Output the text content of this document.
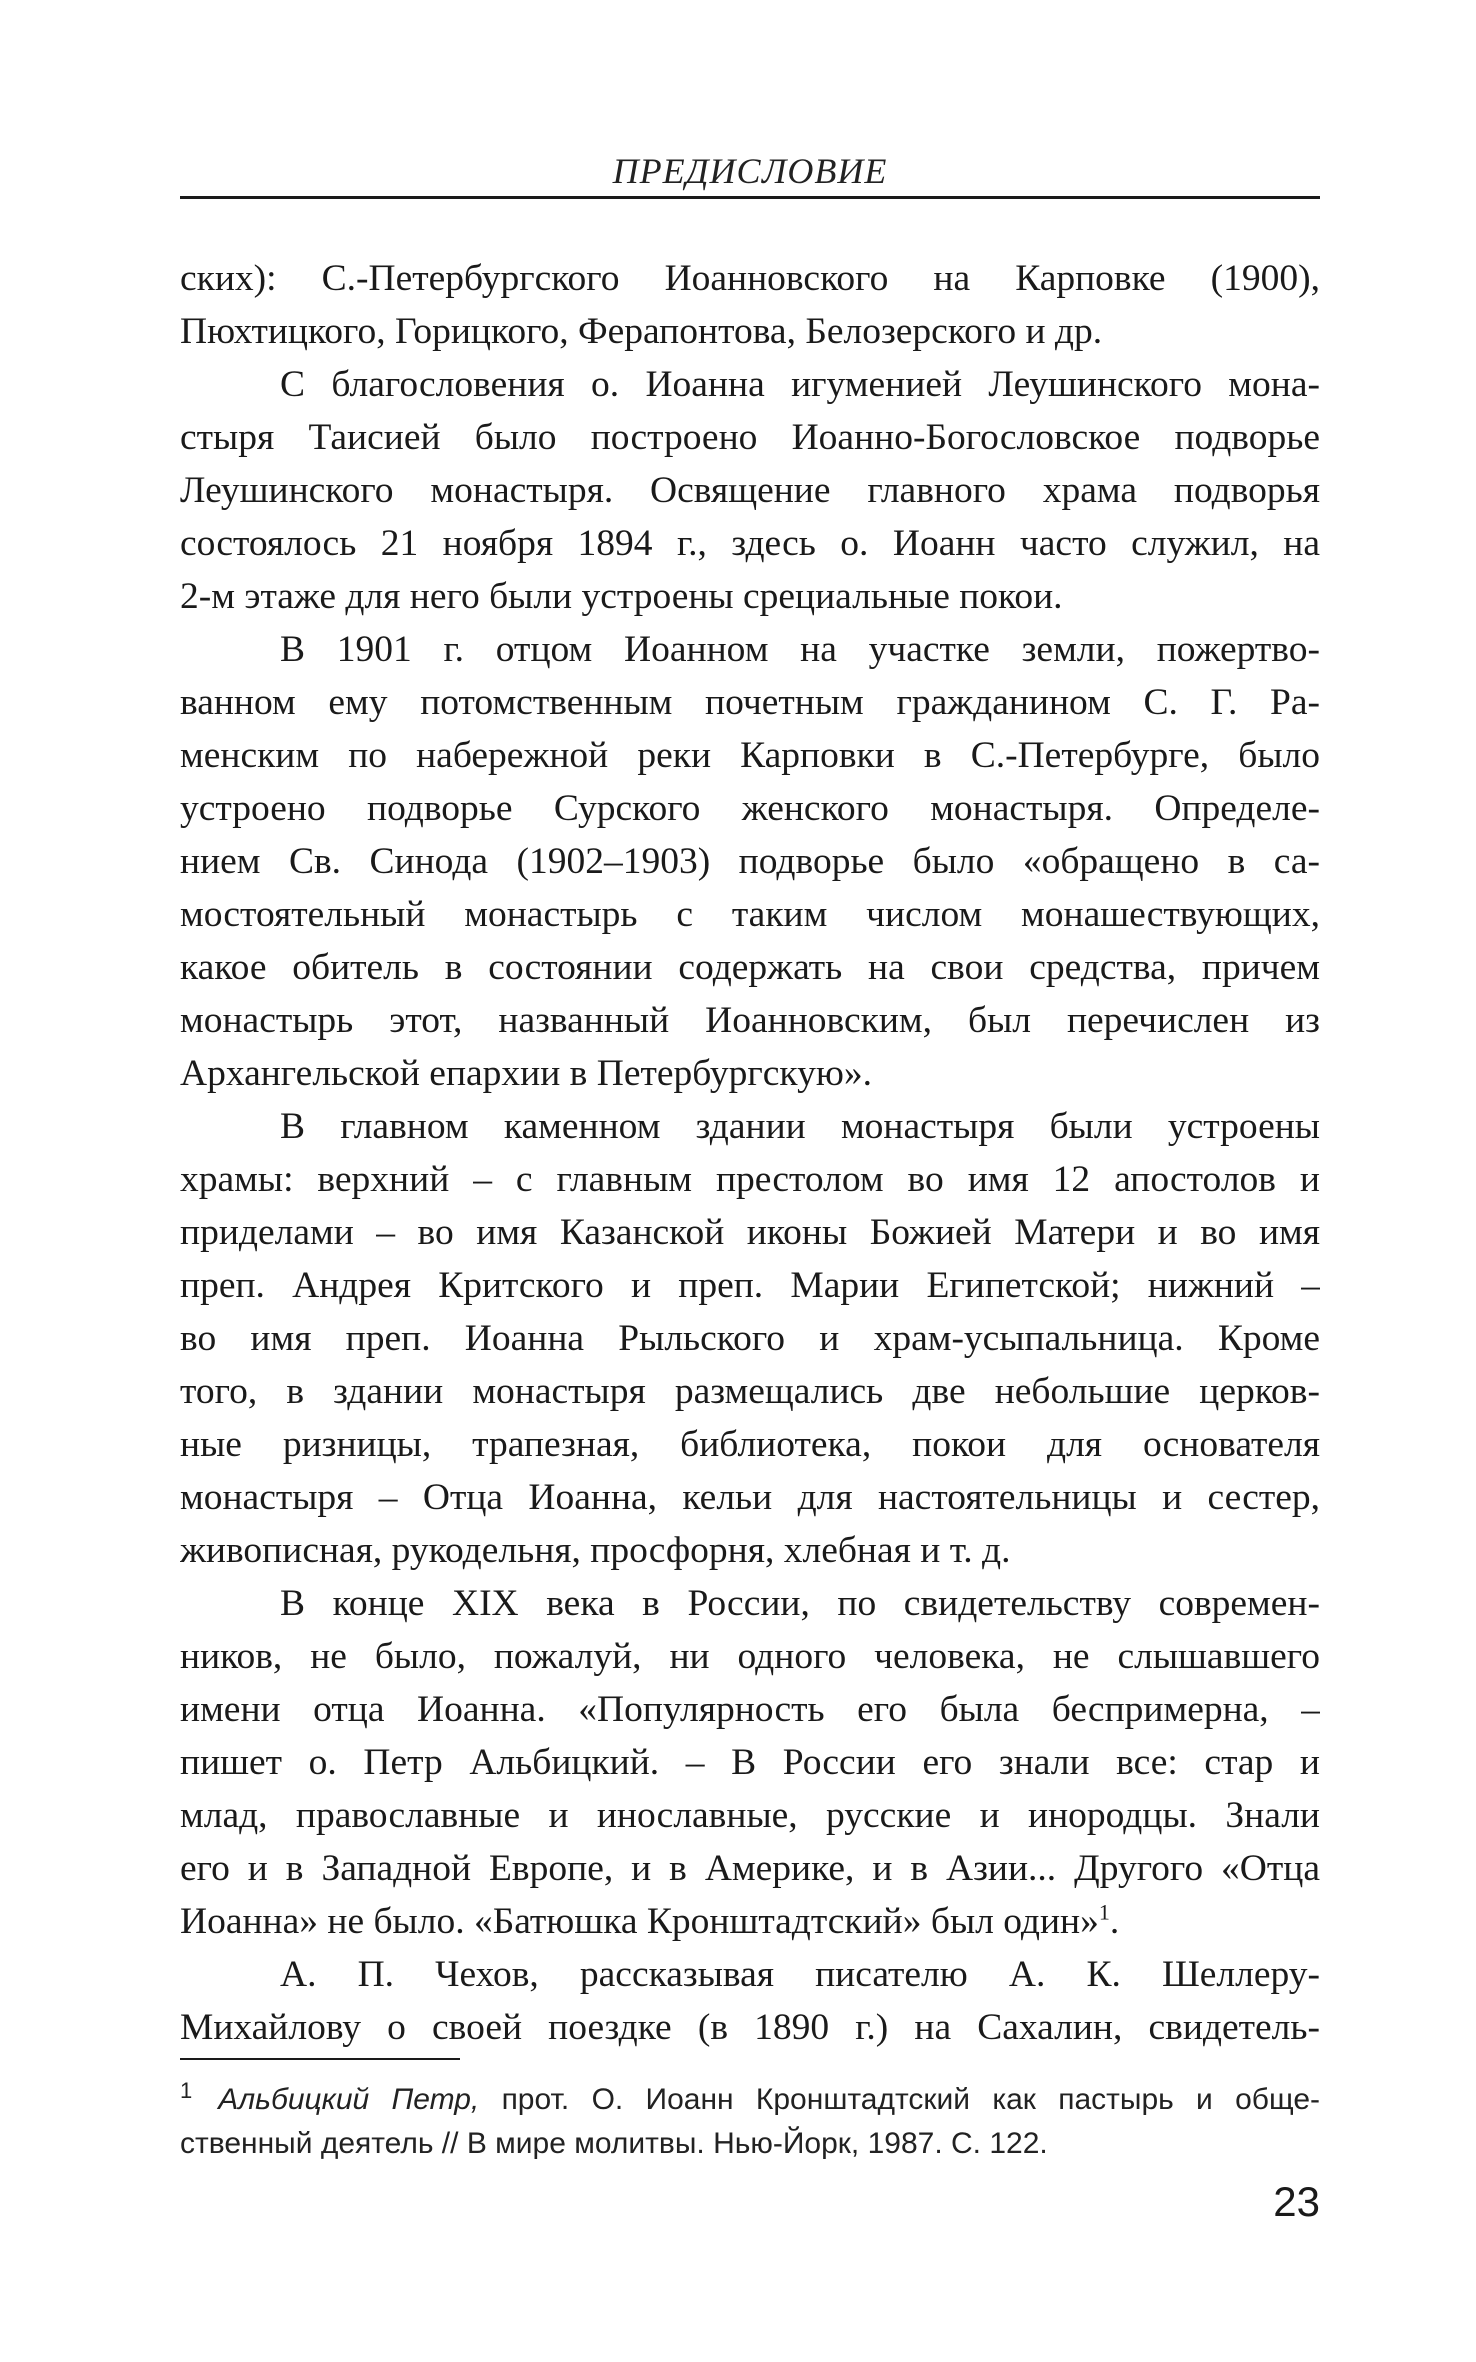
ПРЕДИСЛОВИЕ
ских): С.-Петербургского Иоанновского на Карповке (1900),
Пюхтицкого, Горицкого, Ферапонтова, Белозерского и др.
С благословения о. Иоанна игуменией Леушинского мона-
стыря Таисией было построено Иоанно-Богословское подворье
Леушинского монастыря. Освящение главного храма подворья
состоялось 21 ноября 1894 г., здесь о. Иоанн часто служил, на
2-м этаже для него были устроены срециальные покои.
В 1901 г. отцом Иоанном на участке земли, пожертво-
ванном ему потомственным почетным гражданином С. Г. Ра-
менским по набережной реки Карповки в С.-Петербурге, было
устроено подворье Сурского женского монастыря. Определе-
нием Св. Синода (1902–1903) подворье было «обращено в са-
мостоятельный монастырь с таким числом монашествующих,
какое обитель в состоянии содержать на свои средства, причем
монастырь этот, названный Иоанновским, был перечислен из
Архангельской епархии в Петербургскую».
В главном каменном здании монастыря были устроены
храмы: верхний – с главным престолом во имя 12 апостолов и
приделами – во имя Казанской иконы Божией Матери и во имя
преп. Андрея Критского и преп. Марии Египетской; нижний –
во имя преп. Иоанна Рыльского и храм-усыпальница. Кроме
того, в здании монастыря размещались две небольшие церков-
ные ризницы, трапезная, библиотека, покои для основателя
монастыря – Отца Иоанна, кельи для настоятельницы и сестер,
живописная, рукодельня, просфорня, хлебная и т. д.
В конце XIX века в России, по свидетельству современ-
ников, не было, пожалуй, ни одного человека, не слышавшего
имени отца Иоанна. «Популярность его была беспримерна, –
пишет о. Петр Альбицкий. – В России его знали все: стар и
млад, православные и инославные, русские и инородцы. Знали
его и в Западной Европе, и в Америке, и в Азии... Другого «Отца
Иоанна» не было. «Батюшка Кронштадтский» был один»$^1$.
А. П. Чехов, рассказывая писателю А. К. Шеллеру-
Михайлову о своей поездке (в 1890 г.) на Сахалин, свидетель-
$^1$ Альбицкий Петр, прот. О. Иоанн Кронштадтский как пастырь и обще-
ственный деятель // В мире молитвы. Нью-Йорк, 1987. С. 122.
23
